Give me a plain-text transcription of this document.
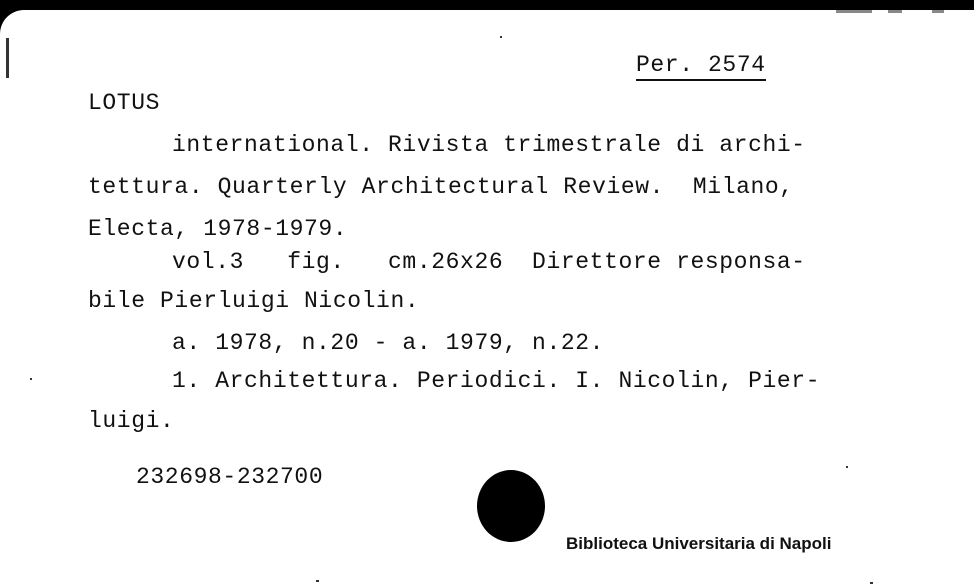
Per. 2574
LOTUS
international. Rivista trimestrale di archi-
tettura. Quarterly Architectural Review.  Milano,
Electa, 1978-1979.
vol.3   fig.   cm.26x26  Direttore responsa-
bile Pierluigi Nicolin.
a. 1978, n.20 - a. 1979, n.22.
1. Architettura. Periodici. I. Nicolin, Pier-
luigi.
232698-232700
Biblioteca Universitaria di Napoli
